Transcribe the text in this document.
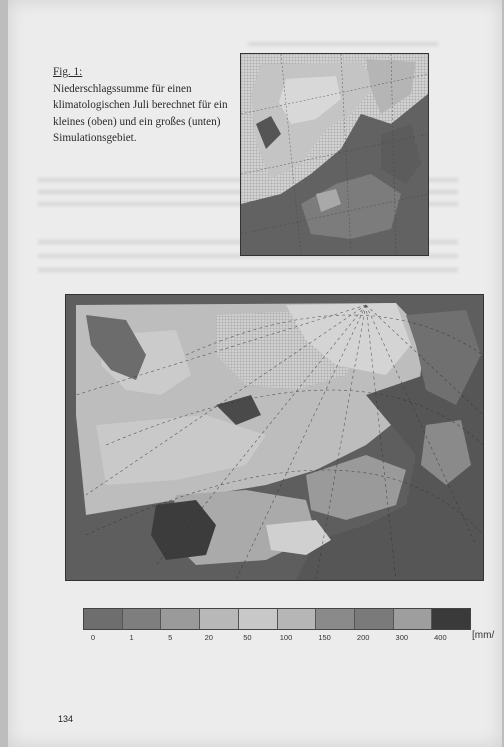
Fig. 1:
Niederschlagssumme für einen klimatologischen Juli berechnet für ein kleines (oben) und ein großes (unten) Simulationsgebiet.
0	1	5	20	50	100	150	200	300	400	[mm/
134
